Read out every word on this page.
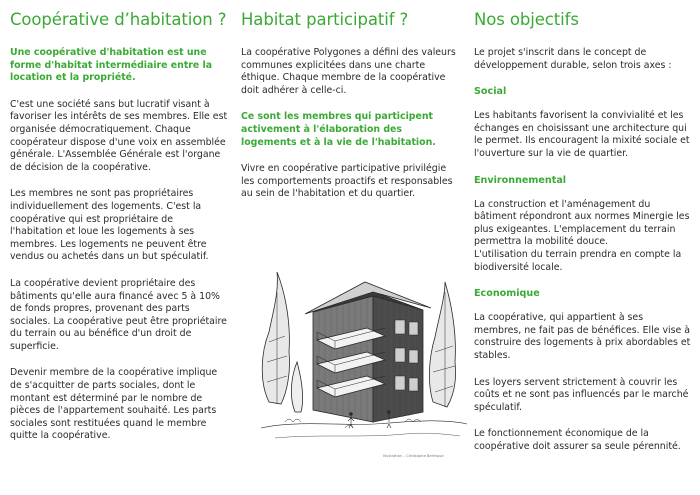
Coopérative d’habitation ?

Une coopérative d'habitation est une forme d'habitat intermédiaire entre la location et la propriété.

C'est une société sans but lucratif visant à favoriser les intérêts de ses membres. Elle est organisée démocratiquement. Chaque coopérateur dispose d'une voix en assemblée générale. L'Assemblée Générale est l'organe de décision de la coopérative.

Les membres ne sont pas propriétaires individuellement des logements. C'est la coopérative qui est propriétaire de l'habitation et loue les logements à ses membres. Les logements ne peuvent être vendus ou achetés dans un but spéculatif.

La coopérative devient propriétaire des bâtiments qu'elle aura financé avec 5 à 10% de fonds propres, provenant des parts sociales. La coopérative peut être propriétaire du terrain ou au bénéfice d'un droit de superficie.

Devenir membre de la coopérative implique de s'acquitter de parts sociales, dont le montant est déterminé par le nombre de pièces de l'appartement souhaité. Les parts sociales sont restituées quand le membre quitte la coopérative.

Habitat participatif ?

La coopérative Polygones a défini des valeurs communes explicitées dans une charte éthique. Chaque membre de la coopérative doit adhérer à celle-ci.

Ce sont les membres qui participent activement à l'élaboration des logements et à la vie de l'habitation.

Vivre en coopérative participative privilégie les comportements proactifs et responsables au sein de l'habitation et du quartier.

Illustration – Christophe Berthoud
Nos objectifs

Le projet s'inscrit dans le concept de développement durable, selon trois axes :

Social

Les habitants favorisent la convivialité et les échanges en choisissant une architecture qui le permet. Ils encouragent la mixité sociale et l'ouverture sur la vie de quartier.

Environnemental

La construction et l'aménagement du bâtiment répondront aux normes Minergie les plus exigeantes. L'emplacement du terrain permettra la mobilité douce.
L'utilisation du terrain prendra en compte la biodiversité locale.

Economique

La coopérative, qui appartient à ses membres, ne fait pas de bénéfices. Elle vise à construire des logements à prix abordables et stables.

Les loyers servent strictement à couvrir les coûts et ne sont pas influencés par le marché spéculatif.

Le fonctionnement économique de la coopérative doit assurer sa seule pérennité.
